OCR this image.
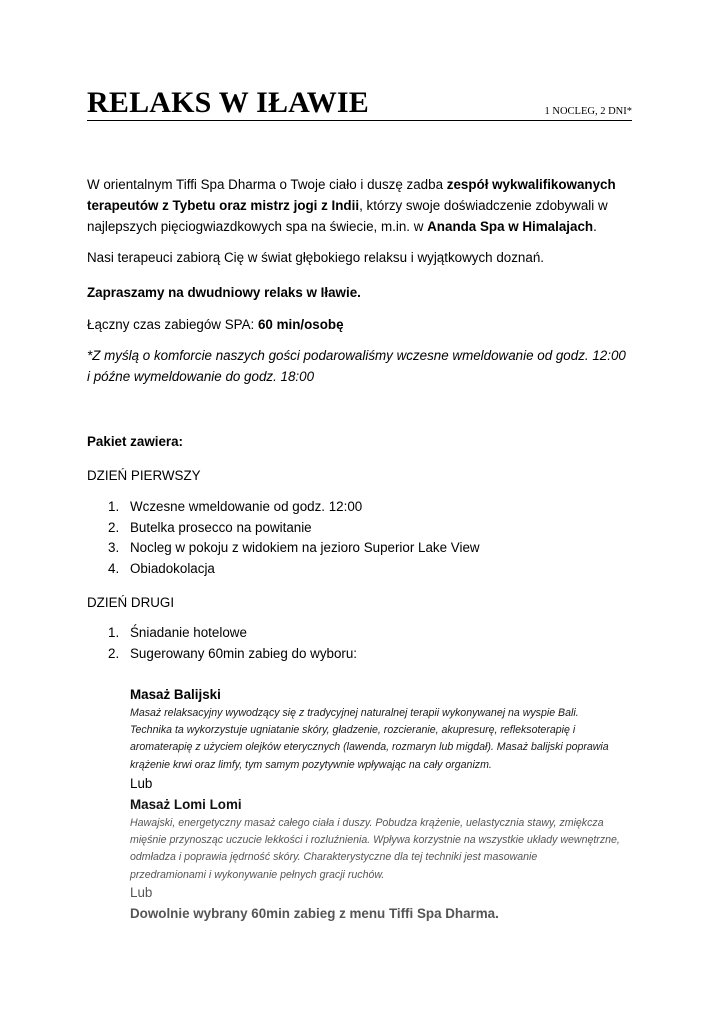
RELAKS W IŁAWIE	1 NOCLEG, 2 DNI*
W orientalnym Tiffi Spa Dharma o Twoje ciało i duszę zadba zespół wykwalifikowanych terapeutów z Tybetu oraz mistrz jogi z Indii, którzy swoje doświadczenie zdobywali w najlepszych pięciogwiazdkowych spa na świecie, m.in. w Ananda Spa w Himalajach.
Nasi terapeuci zabiorą Cię w świat głębokiego relaksu i wyjątkowych doznań.
Zapraszamy na dwudniowy relaks w Iławie.
Łączny czas zabiegów SPA: 60 min/osobę
*Z myślą o komforcie naszych gości podarowaliśmy wczesne wmeldowanie od godz. 12:00
i późne wymeldowanie do godz. 18:00
Pakiet zawiera:
DZIEŃ PIERWSZY
1. Wczesne wmeldowanie od godz. 12:00
2. Butelka prosecco na powitanie
3. Nocleg w pokoju z widokiem na jezioro Superior Lake View
4. Obiadokolacja
DZIEŃ DRUGI
1. Śniadanie hotelowe
2. Sugerowany 60min zabieg do wyboru:
Masaż Balijski
Masaż relaksacyjny wywodzący się z tradycyjnej naturalnej terapii wykonywanej na wyspie Bali.
Technika ta wykorzystuje ugniatanie skóry, gładzenie, rozcieranie, akupresurę, refleksoterapię i
aromaterapię z użyciem olejków eterycznych (lawenda, rozmaryn lub migdał). Masaż balijski poprawia
krążenie krwi oraz limfy, tym samym pozytywnie wpływając na cały organizm.
Lub
Masaż Lomi Lomi
Hawajski, energetyczny masaż całego ciała i duszy. Pobudza krążenie, uelastycznia stawy, zmiękcza
mięśnie przynosząc uczucie lekkości i rozluźnienia. Wpływa korzystnie na wszystkie układy wewnętrzne,
odmładza i poprawia jędrność skóry. Charakterystyczne dla tej techniki jest masowanie
przedramionami i wykonywanie pełnych gracji ruchów.
Lub
Dowolnie wybrany 60min zabieg z menu Tiffi Spa Dharma.
